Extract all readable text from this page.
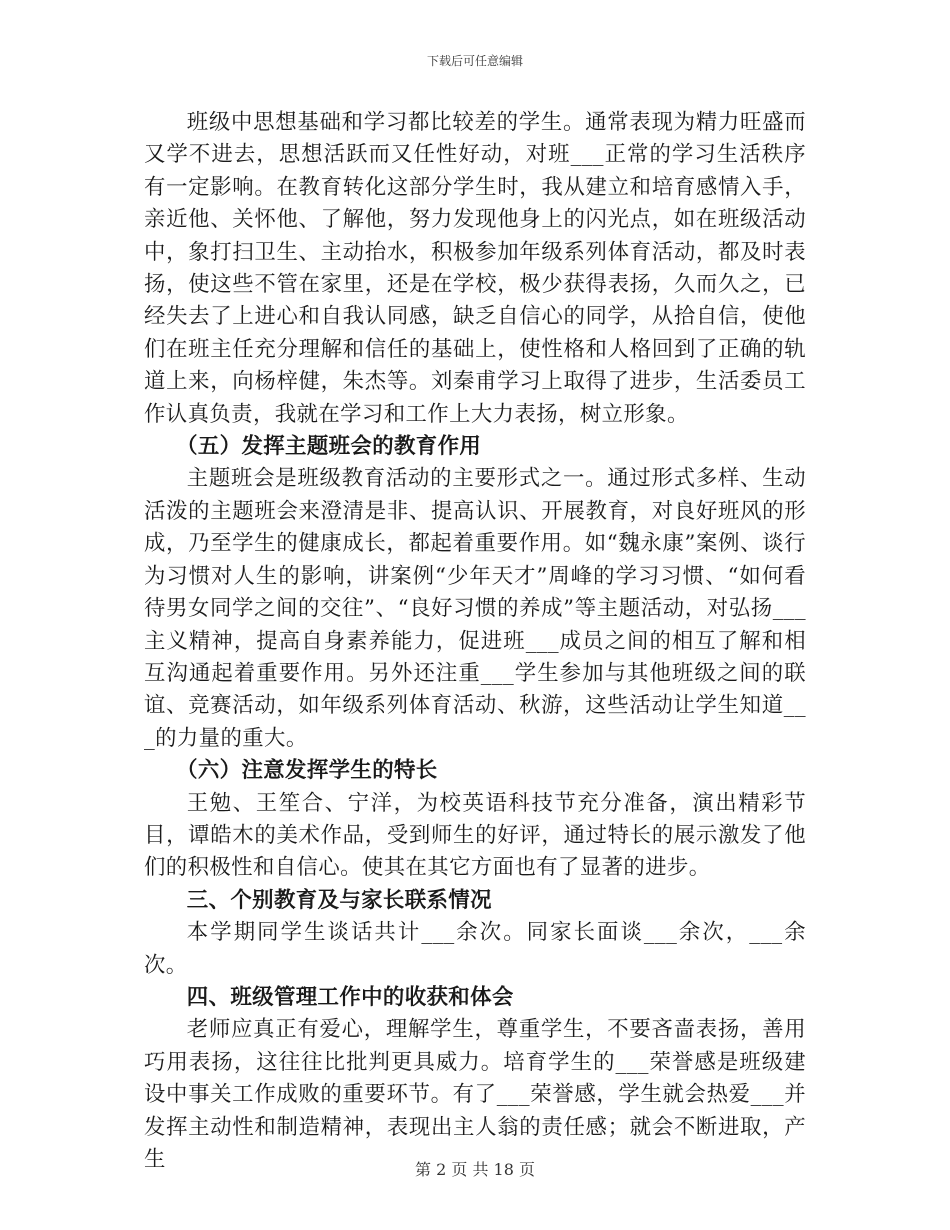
下载后可任意编辑

班级中思想基础和学习都比较差的学生。通常表现为精力旺盛而又学不进去，思想活跃而又任性好动，对班___正常的学习生活秩序有一定影响。在教育转化这部分学生时，我从建立和培育感情入手，亲近他、关怀他、了解他，努力发现他身上的闪光点，如在班级活动中，象打扫卫生、主动抬水，积极参加年级系列体育活动，都及时表扬，使这些不管在家里，还是在学校，极少获得表扬，久而久之，已经失去了上进心和自我认同感，缺乏自信心的同学，从拾自信，使他们在班主任充分理解和信任的基础上，使性格和人格回到了正确的轨道上来，向杨梓健，朱杰等。刘秦甫学习上取得了进步，生活委员工作认真负责，我就在学习和工作上大力表扬，树立形象。

（五）发挥主题班会的教育作用

主题班会是班级教育活动的主要形式之一。通过形式多样、生动活泼的主题班会来澄清是非、提高认识、开展教育，对良好班风的形成，乃至学生的健康成长，都起着重要作用。如“魏永康”案例、谈行为习惯对人生的影响，讲案例“少年天才”周峰的学习习惯、“如何看待男女同学之间的交往”、“良好习惯的养成”等主题活动，对弘扬___主义精神，提高自身素养能力，促进班___成员之间的相互了解和相互沟通起着重要作用。另外还注重___学生参加与其他班级之间的联谊、竞赛活动，如年级系列体育活动、秋游，这些活动让学生知道___的力量的重大。

（六）注意发挥学生的特长

王勉、王笙合、宁洋，为校英语科技节充分准备，演出精彩节目，谭皓木的美术作品，受到师生的好评，通过特长的展示激发了他们的积极性和自信心。使其在其它方面也有了显著的进步。

三、个别教育及与家长联系情况

本学期同学生谈话共计___余次。同家长面谈___余次，___余次。

四、班级管理工作中的收获和体会

老师应真正有爱心，理解学生，尊重学生，不要吝啬表扬，善用巧用表扬，这往往比批判更具威力。培育学生的___荣誉感是班级建设中事关工作成败的重要环节。有了___荣誉感，学生就会热爱___并发挥主动性和制造精神，表现出主人翁的责任感；就会不断进取，产生	第 2 页 共 18 页
